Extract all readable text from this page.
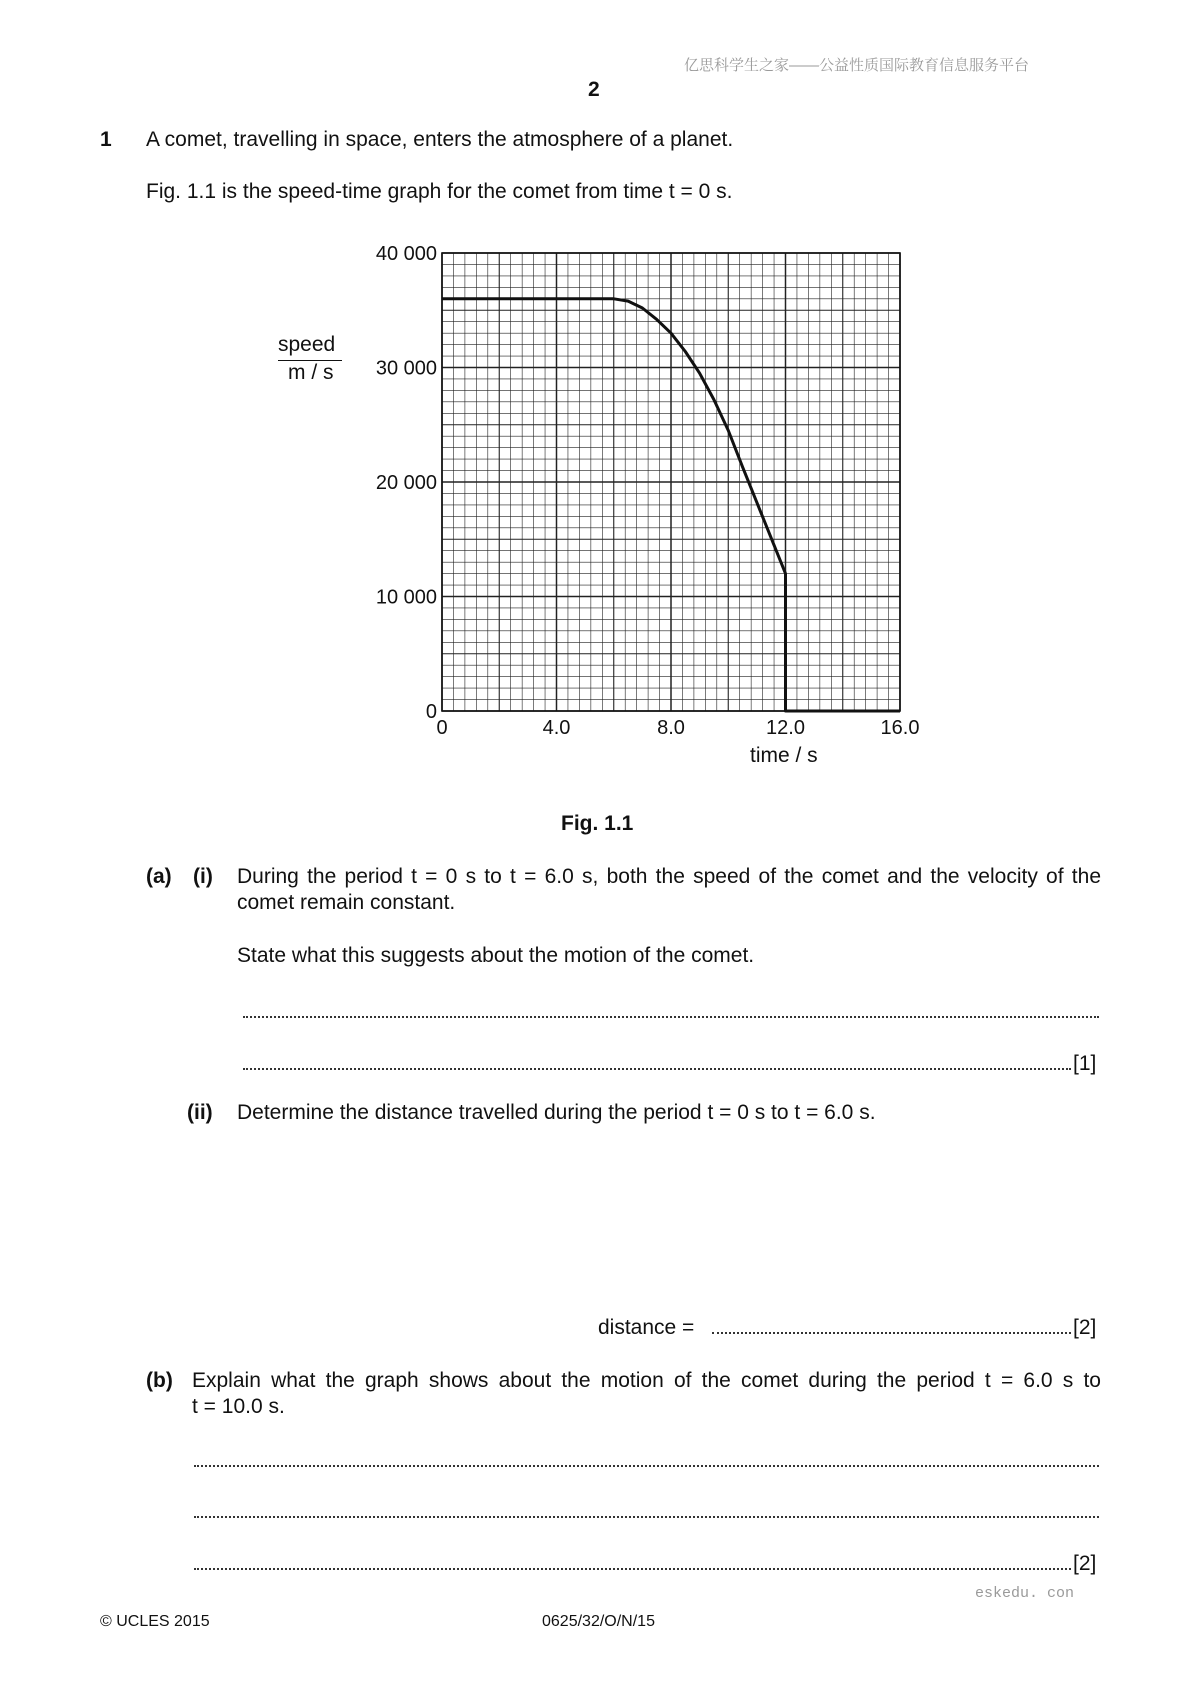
亿思科学生之家——公益性质国际教育信息服务平台
2
1 A comet, travelling in space, enters the atmosphere of a planet.
Fig. 1.1 is the speed-time graph for the comet from time t = 0 s.
0	4.0	8.0	12.0	16.0
0
10 000
20 000
30 000
40 000
speed
m / s
time / s
Fig. 1.1
(a) (i) During the period t = 0 s to t = 6.0 s, both the speed of the comet and the velocity of the
comet remain constant.
State what this suggests about the motion of the comet.
[1]
(ii) Determine the distance travelled during the period t = 0 s to t = 6.0 s.
distance =	[2]
(b) Explain what the graph shows about the motion of the comet during the period t = 6.0 s to
t = 10.0 s.
[2]
eskedu. con
© UCLES 2015	0625/32/O/N/15
